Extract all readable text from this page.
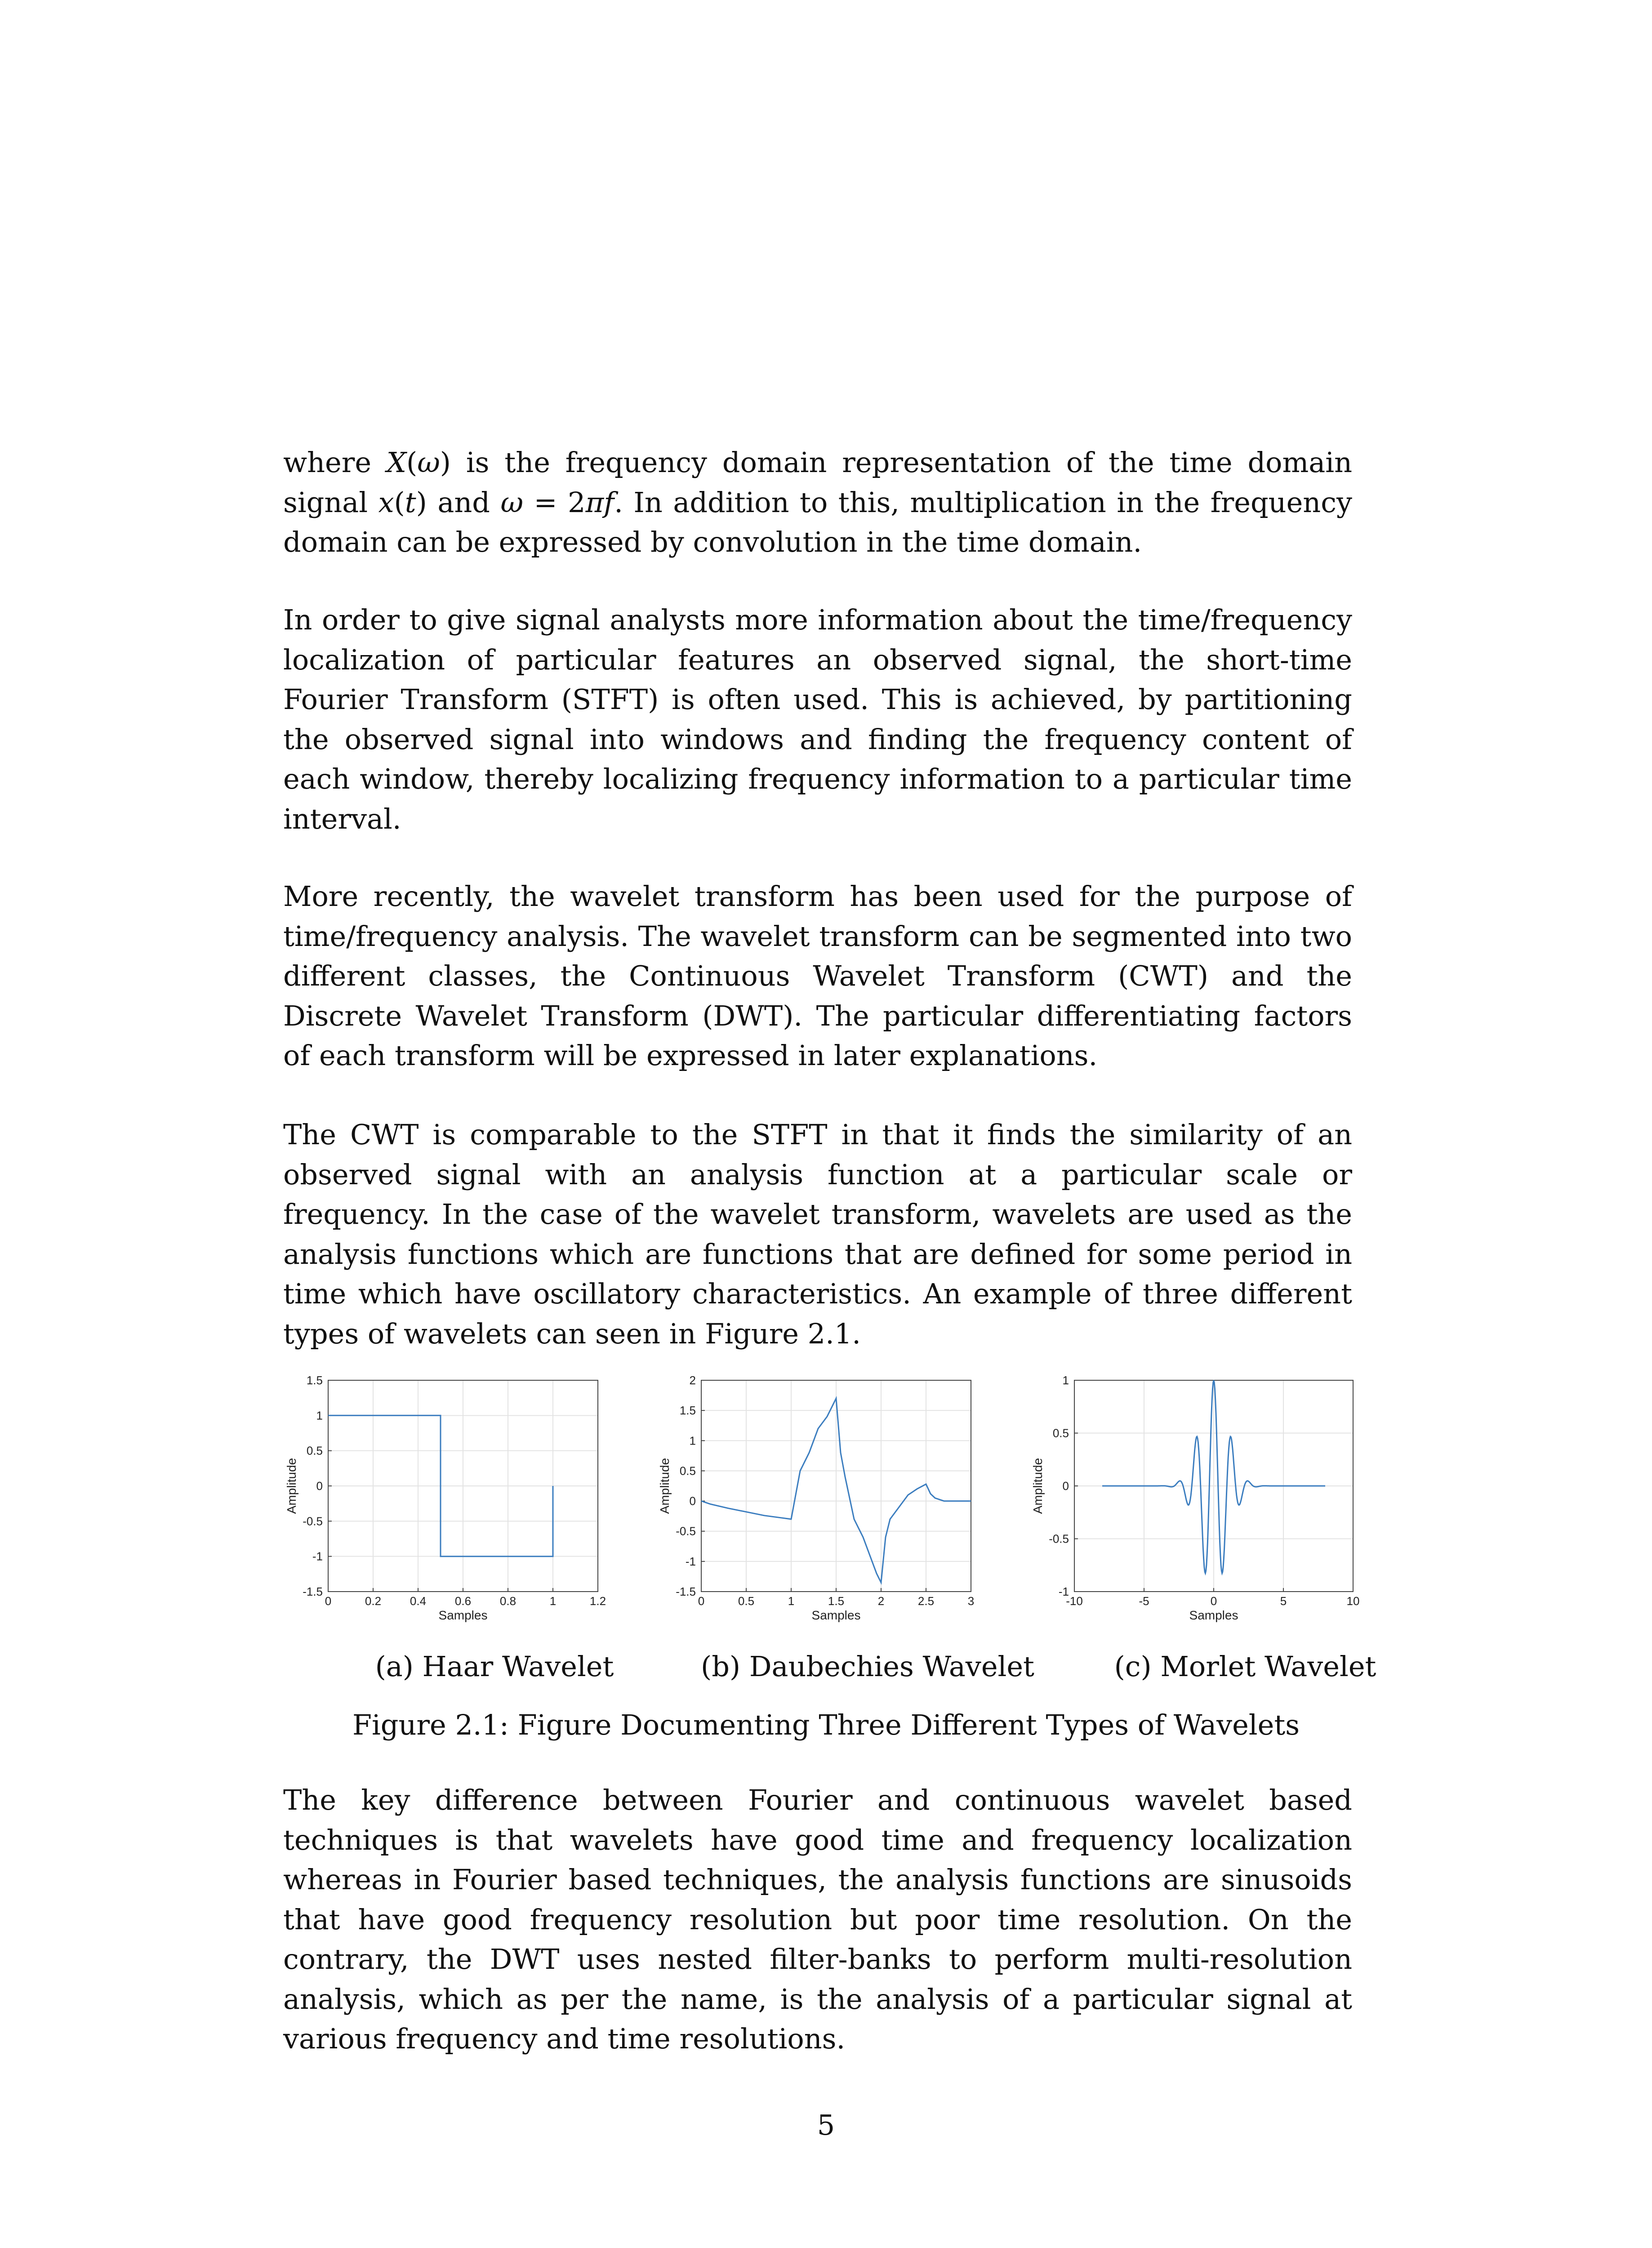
where X(ω) is the frequency domain representation of the time domain signal x(t) and ω = 2πf. In addition to this, multiplication in the frequency domain can be expressed by convolution in the time domain.
In order to give signal analysts more information about the time/frequency localization of particular features an observed signal, the short-time Fourier Transform (STFT) is often used. This is achieved, by partitioning the observed signal into windows and finding the frequency content of each window, thereby localizing frequency information to a particular time interval.
More recently, the wavelet transform has been used for the purpose of time/frequency analysis. The wavelet transform can be segmented into two different classes, the Continuous Wavelet Transform (CWT) and the Discrete Wavelet Transform (DWT). The particular differentiating factors of each transform will be expressed in later explanations.
The CWT is comparable to the STFT in that it finds the similarity of an observed signal with an analysis function at a particular scale or frequency. In the case of the wavelet transform, wavelets are used as the analysis functions which are functions that are defined for some period in time which have oscillatory characteristics. An example of three different types of wavelets can seen in Figure 2.1.
0	0.2 0.4 0.6 0.8	1	1.2
-1.5
-1
-0.5
0
0.5
1
1.5
Samples
Amplitude
(a) Haar Wavelet
0	0.5	1	1.5	2	2.5	3
-1.5
-1
-0.5
0
0.5
1
1.5
2
Samples
Amplitude
(b) Daubechies Wavelet
-10	-5	0	5	10
-1
-0.5
0
0.5
1
Samples
Amplitude
(c) Morlet Wavelet
Figure 2.1: Figure Documenting Three Different Types of Wavelets
The key difference between Fourier and continuous wavelet based techniques is that wavelets have good time and frequency localization whereas in Fourier based techniques, the analysis functions are sinusoids that have good frequency resolution but poor time resolution. On the contrary, the DWT uses nested filter-banks to perform multi-resolution analysis, which as per the name, is the analysis of a particular signal at various frequency and time resolutions.
5
